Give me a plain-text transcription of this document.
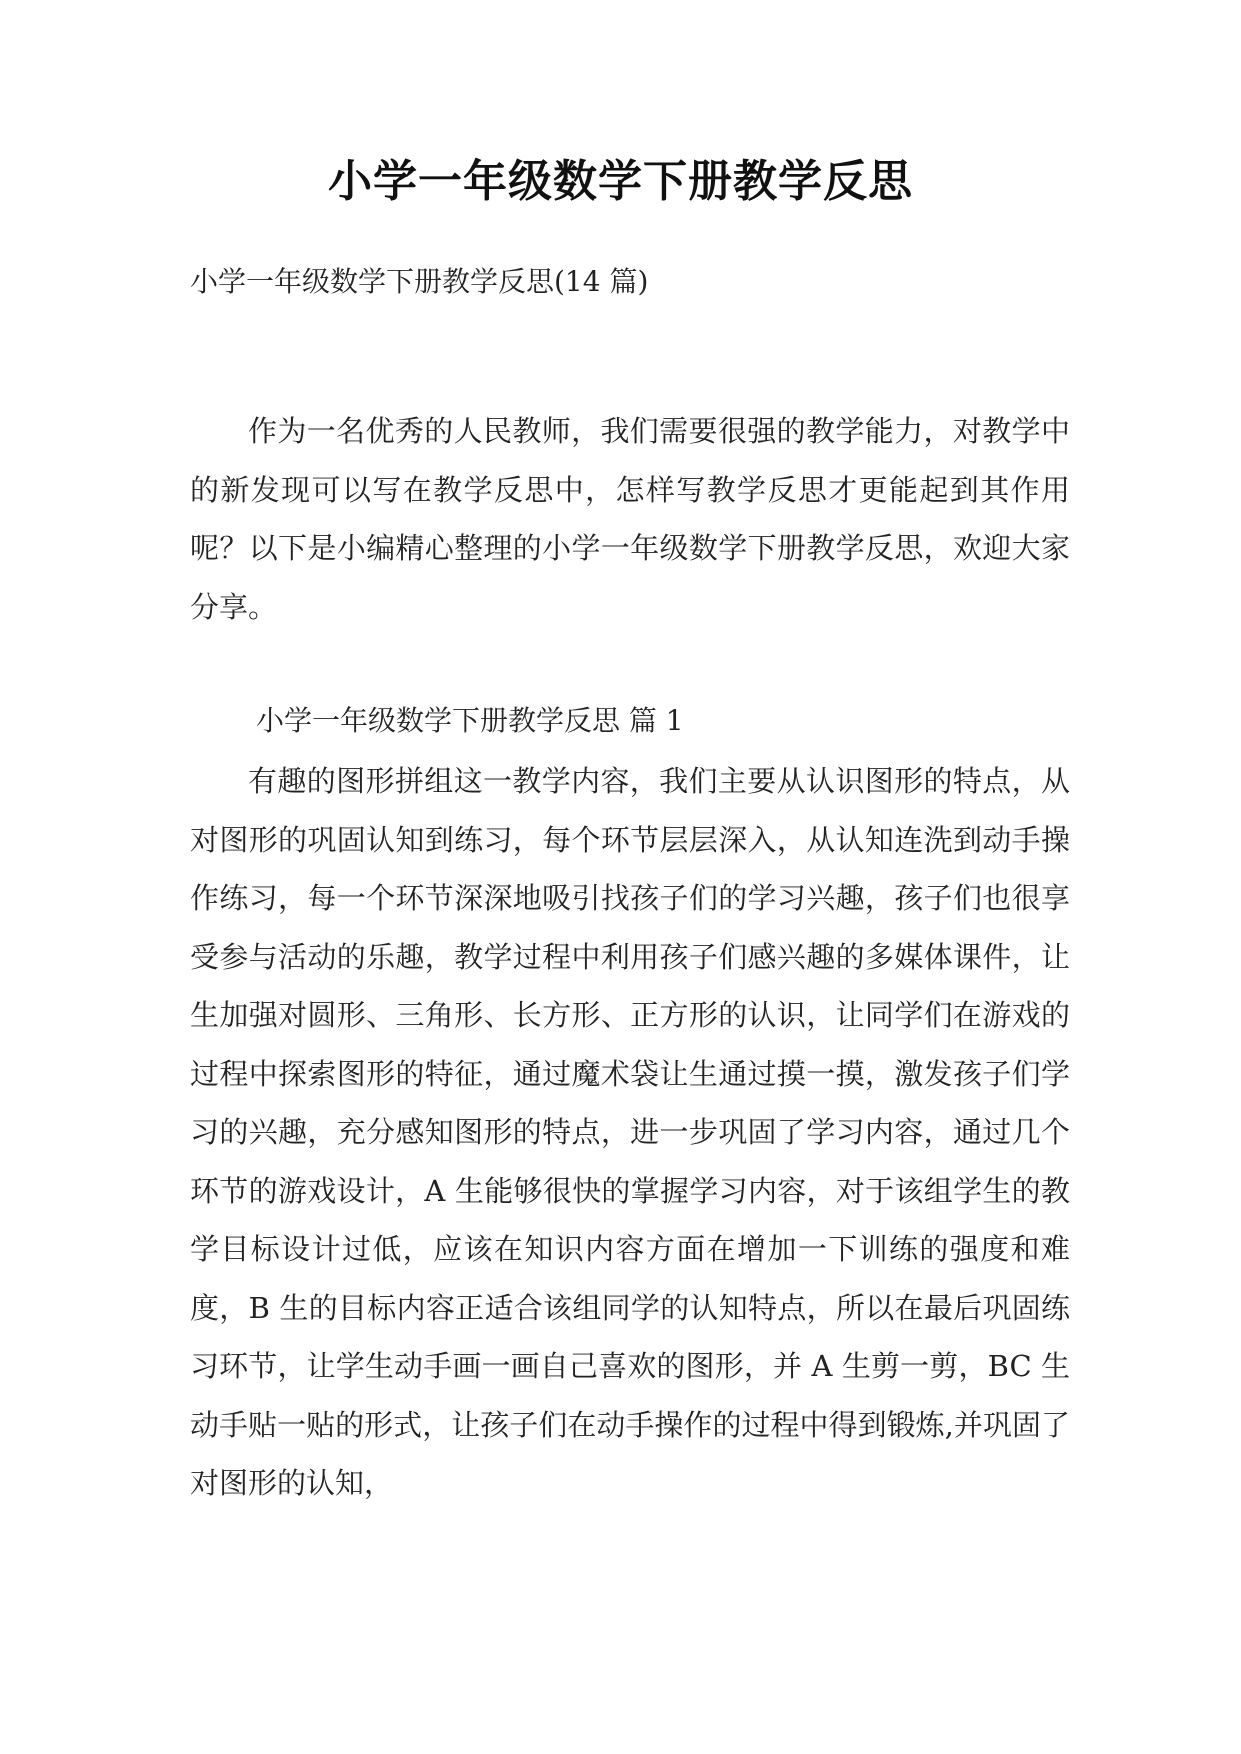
小学一年级数学下册教学反思
小学一年级数学下册教学反思(14 篇)

作为一名优秀的人民教师，我们需要很强的教学能力，对教学中的新发现可以写在教学反思中，怎样写教学反思才更能起到其作用呢？以下是小编精心整理的小学一年级数学下册教学反思，欢迎大家分享。

小学一年级数学下册教学反思 篇 1

有趣的图形拼组这一教学内容，我们主要从认识图形的特点，从对图形的巩固认知到练习，每个环节层层深入，从认知连洗到动手操作练习，每一个环节深深地吸引找孩子们的学习兴趣，孩子们也很享受参与活动的乐趣，教学过程中利用孩子们感兴趣的多媒体课件，让生加强对圆形、三角形、长方形、正方形的认识，让同学们在游戏的过程中探索图形的特征，通过魔术袋让生通过摸一摸，激发孩子们学习的兴趣，充分感知图形的特点，进一步巩固了学习内容，通过几个环节的游戏设计，A 生能够很快的掌握学习内容，对于该组学生的教学目标设计过低，应该在知识内容方面在增加一下训练的强度和难度，B 生的目标内容正适合该组同学的认知特点，所以在最后巩固练习环节，让学生动手画一画自己喜欢的图形，并 A 生剪一剪，BC 生动手贴一贴的形式，让孩子们在动手操作的过程中得到锻炼,并巩固了对图形的认知，
